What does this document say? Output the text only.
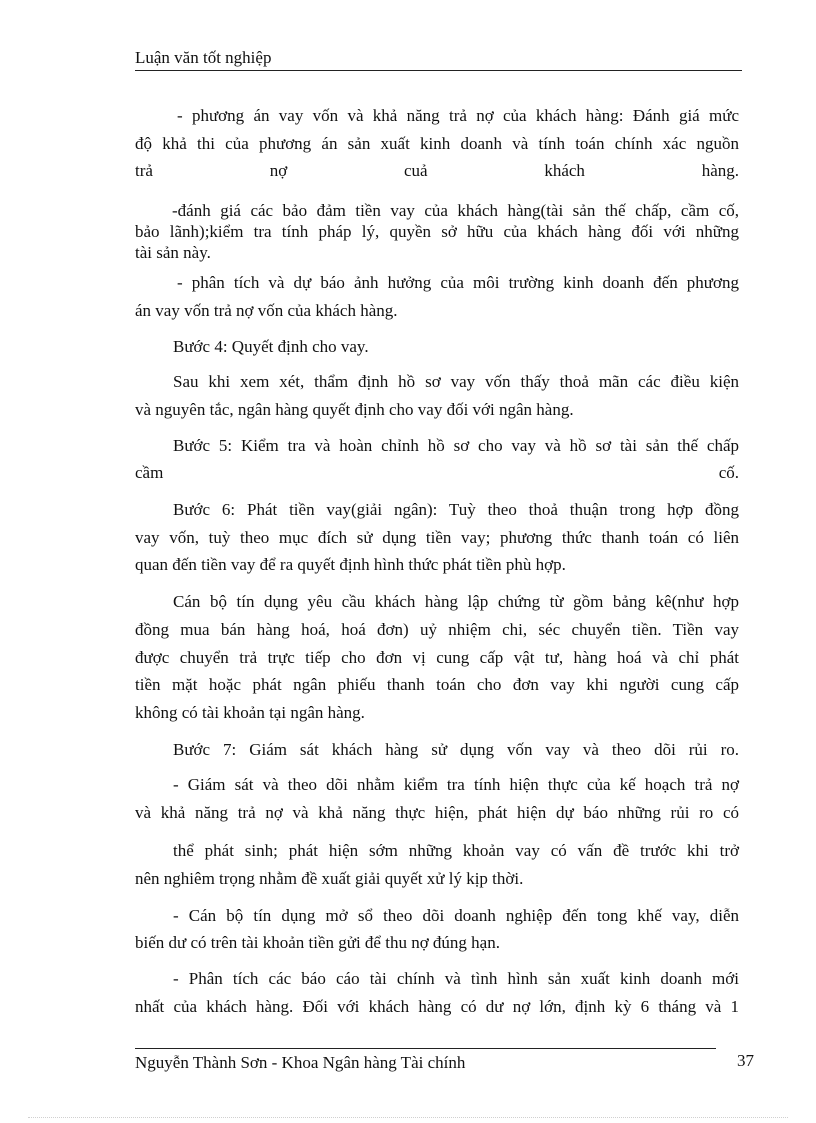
Luận văn tốt nghiệp
- phương án vay vốn và khả năng trả nợ của khách hàng: Đánh giá mức
độ khả thi của phương án sản xuất kinh doanh và tính toán chính xác nguồn
trả nợ cuả khách hàng.
-đánh giá các bảo đảm tiền vay của khách hàng(tài sản thế chấp, cầm cố,
bảo lãnh);kiểm tra tính pháp lý, quyền sở hữu của khách hàng đối với những
tài sản này.
- phân tích và dự báo ảnh hưởng của môi trường kinh doanh đến phương
án vay vốn trả nợ vốn của khách hàng.
Bước 4: Quyết định cho vay.
Sau khi xem xét, thẩm định hồ sơ vay vốn thấy thoả mãn các điều kiện
và nguyên tắc, ngân hàng quyết định cho vay đối với ngân hàng.
Bước 5: Kiểm tra và hoàn chỉnh hồ sơ cho vay và hồ sơ tài sản thế chấp
cầm cố.
Bước 6: Phát tiền vay(giải ngân): Tuỳ theo thoả thuận trong hợp đồng
vay vốn, tuỳ theo mục đích sử dụng tiền vay; phương thức thanh toán có liên
quan đến tiền vay để ra quyết định hình thức phát tiền phù hợp.
Cán bộ tín dụng yêu cầu khách hàng lập chứng từ gồm bảng kê(như hợp
đồng mua bán hàng hoá, hoá đơn) uỷ nhiệm chi, séc chuyển tiền. Tiền vay
được chuyển trả trực tiếp cho đơn vị cung cấp vật tư, hàng hoá và chỉ phát
tiền mặt hoặc phát ngân phiếu thanh toán cho đơn vay khi người cung cấp
không có tài khoản tại ngân hàng.
Bước 7: Giám sát khách hàng sử dụng vốn vay và theo dõi rủi ro.
- Giám sát và theo dõi nhằm kiểm tra tính hiện thực của kế hoạch trả nợ
và khả năng trả nợ và khả năng thực hiện, phát hiện dự báo những rủi ro có
thể phát sinh; phát hiện sớm những khoản vay có vấn đề trước khi trở
nên nghiêm trọng nhằm đề xuất giải quyết xử lý kịp thời.
- Cán bộ tín dụng mở sổ theo dõi doanh nghiệp đến tong khế vay, diễn
biến dư có trên tài khoản tiền gửi để thu nợ đúng hạn.
- Phân tích các báo cáo tài chính và tình hình sản xuất kinh doanh mới
nhất của khách hàng. Đối với khách hàng có dư nợ lớn, định kỳ 6 tháng và 1
Nguyễn Thành Sơn - Khoa Ngân hàng Tài chính	37
